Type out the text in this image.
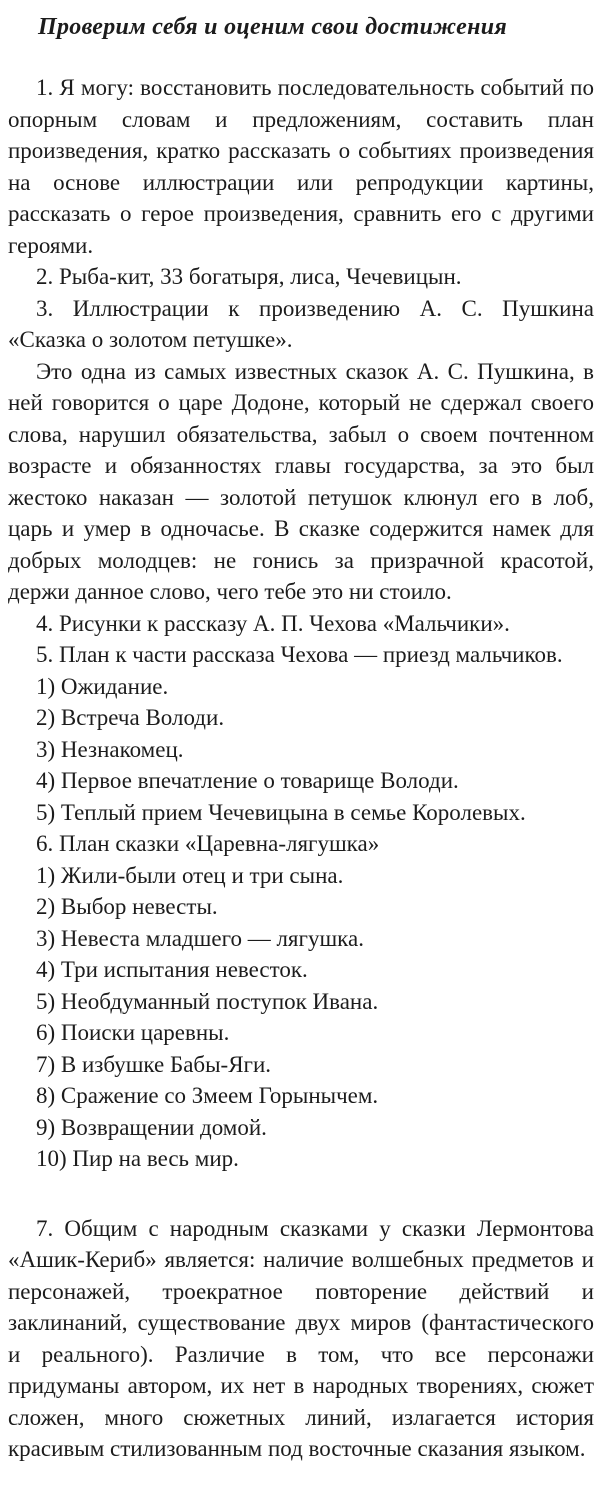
Проверим себя и оценим свои достижения
1. Я могу: восстановить последовательность событий по опорным словам и предложениям, составить план произведения, кратко рассказать о событиях произведения на основе иллюстрации или репродукции картины, рассказать о герое произведения, сравнить его с другими героями.
2. Рыба-кит, 33 богатыря, лиса, Чечевицын.
3. Иллюстрации к произведению А. С. Пушкина «Сказка о золотом петушке».
Это одна из самых известных сказок А. С. Пушкина, в ней говорится о царе Додоне, который не сдержал своего слова, нарушил обязательства, забыл о своем почтенном возрасте и обязанностях главы государства, за это был жестоко наказан — золотой петушок клюнул его в лоб, царь и умер в одночасье. В сказке содержится намек для добрых молодцев: не гонись за призрачной красотой, держи данное слово, чего тебе это ни стоило.
4. Рисунки к рассказу А. П. Чехова «Мальчики».
5. План к части рассказа Чехова — приезд мальчиков.
1) Ожидание.
2) Встреча Володи.
3) Незнакомец.
4) Первое впечатление о товарище Володи.
5) Теплый прием Чечевицына в семье Королевых.
6. План сказки «Царевна-лягушка»
1) Жили-были отец и три сына.
2) Выбор невесты.
3) Невеста младшего — лягушка.
4) Три испытания невесток.
5) Необдуманный поступок Ивана.
6) Поиски царевны.
7) В избушке Бабы-Яги.
8) Сражение со Змеем Горынычем.
9) Возвращении домой.
10) Пир на весь мир.
7. Общим с народным сказками у сказки Лермонтова «Ашик-Кериб» является: наличие волшебных предметов и персонажей, троекратное повторение действий и заклинаний, существование двух миров (фантастического и реального). Различие в том, что все персонажи придуманы автором, их нет в народных творениях, сюжет сложен, много сюжетных линий, излагается история красивым стилизованным под восточные сказания языком.
